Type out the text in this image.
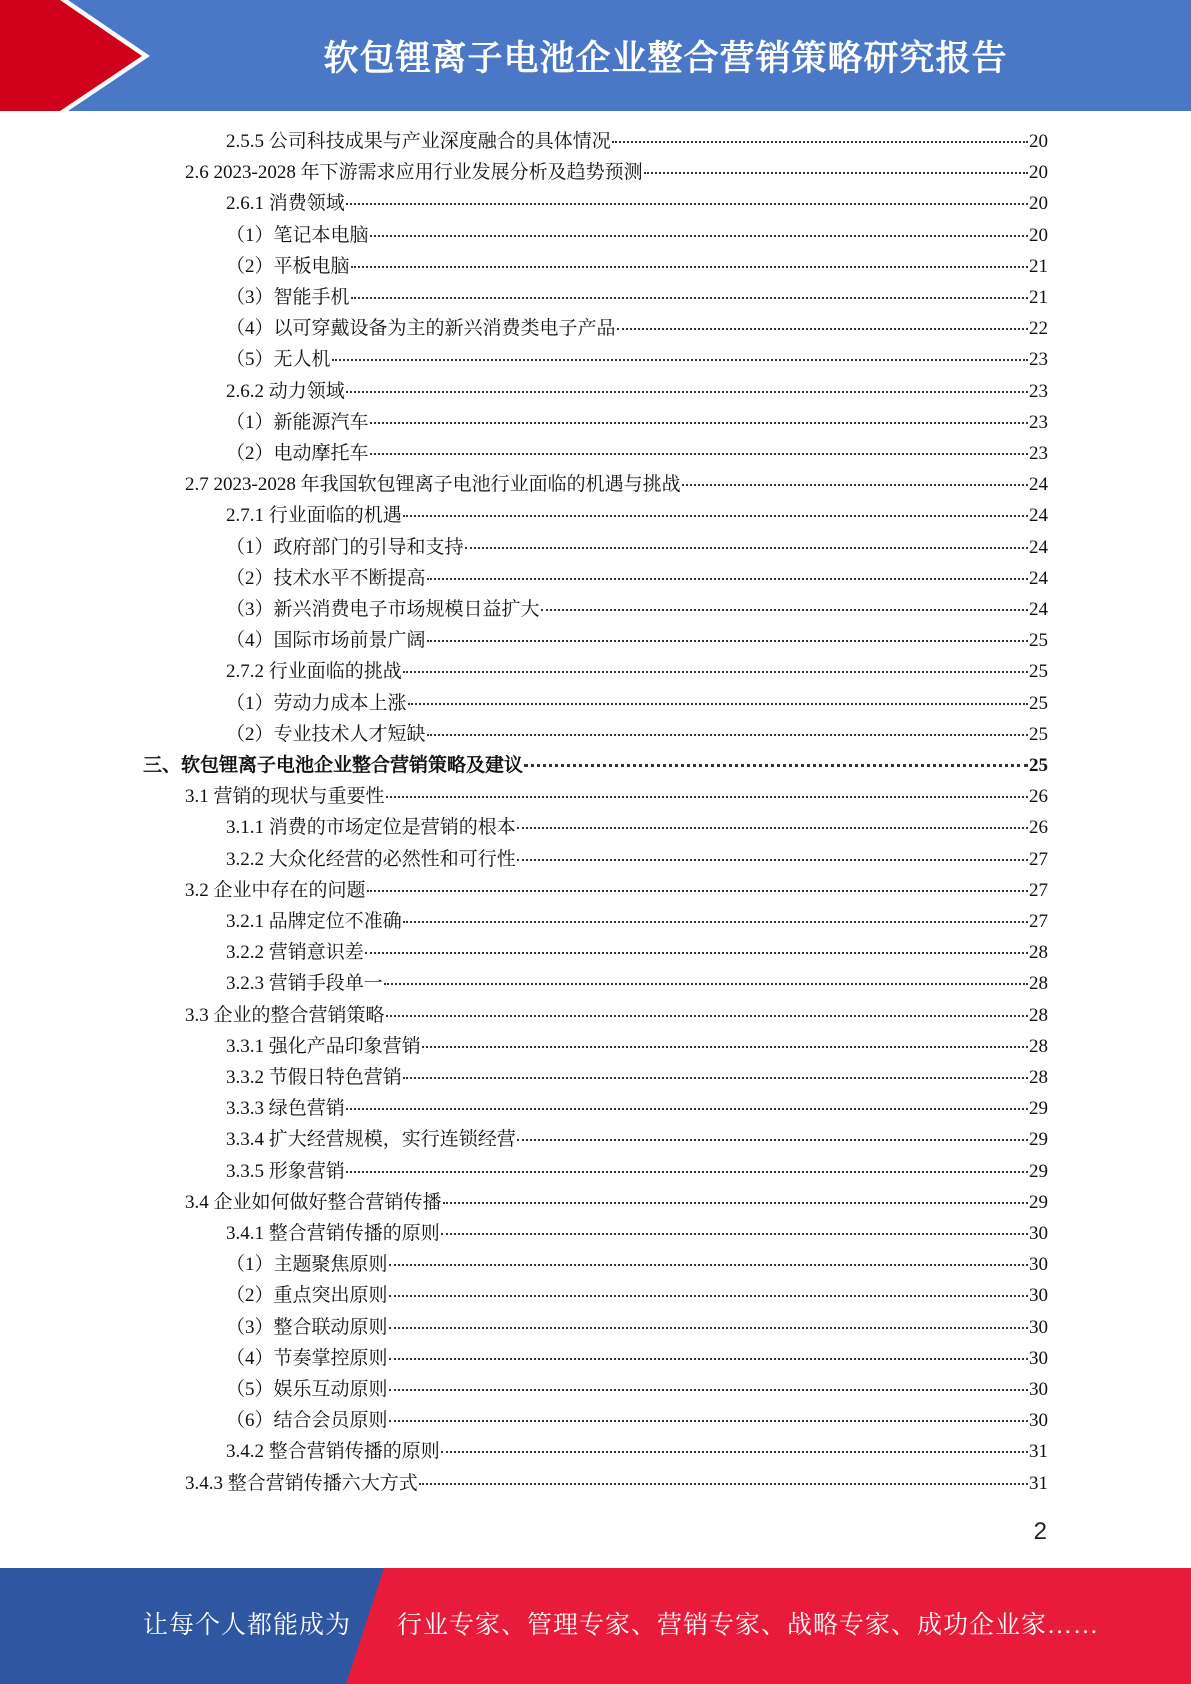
软包锂离子电池企业整合营销策略研究报告
2.5.5 公司科技成果与产业深度融合的具体情况	20
2.6 2023-2028 年下游需求应用行业发展分析及趋势预测	20
2.6.1 消费领域	20
（1）笔记本电脑	20
（2）平板电脑	21
（3）智能手机	21
（4）以可穿戴设备为主的新兴消费类电子产品	22
（5）无人机	23
2.6.2 动力领域	23
（1）新能源汽车	23
（2）电动摩托车	23
2.7 2023-2028 年我国软包锂离子电池行业面临的机遇与挑战	24
2.7.1 行业面临的机遇	24
（1）政府部门的引导和支持	24
（2）技术水平不断提高	24
（3）新兴消费电子市场规模日益扩大	24
（4）国际市场前景广阔	25
2.7.2 行业面临的挑战	25
（1）劳动力成本上涨	25
（2）专业技术人才短缺	25
三、软包锂离子电池企业整合营销策略及建议	25
3.1 营销的现状与重要性	26
3.1.1 消费的市场定位是营销的根本	26
3.2.2 大众化经营的必然性和可行性	27
3.2 企业中存在的问题	27
3.2.1 品牌定位不准确	27
3.2.2 营销意识差	28
3.2.3 营销手段单一	28
3.3 企业的整合营销策略	28
3.3.1 强化产品印象营销	28
3.3.2 节假日特色营销	28
3.3.3 绿色营销	29
3.3.4 扩大经营规模，实行连锁经营	29
3.3.5 形象营销	29
3.4 企业如何做好整合营销传播	29
3.4.1 整合营销传播的原则	30
（1）主题聚焦原则	30
（2）重点突出原则	30
（3）整合联动原则	30
（4）节奏掌控原则	30
（5）娱乐互动原则	30
（6）结合会员原则	30
3.4.2 整合营销传播的原则	31
3.4.3 整合营销传播六大方式	31
2
让每个人都能成为 行业专家、管理专家、营销专家、战略专家、成功企业家……
